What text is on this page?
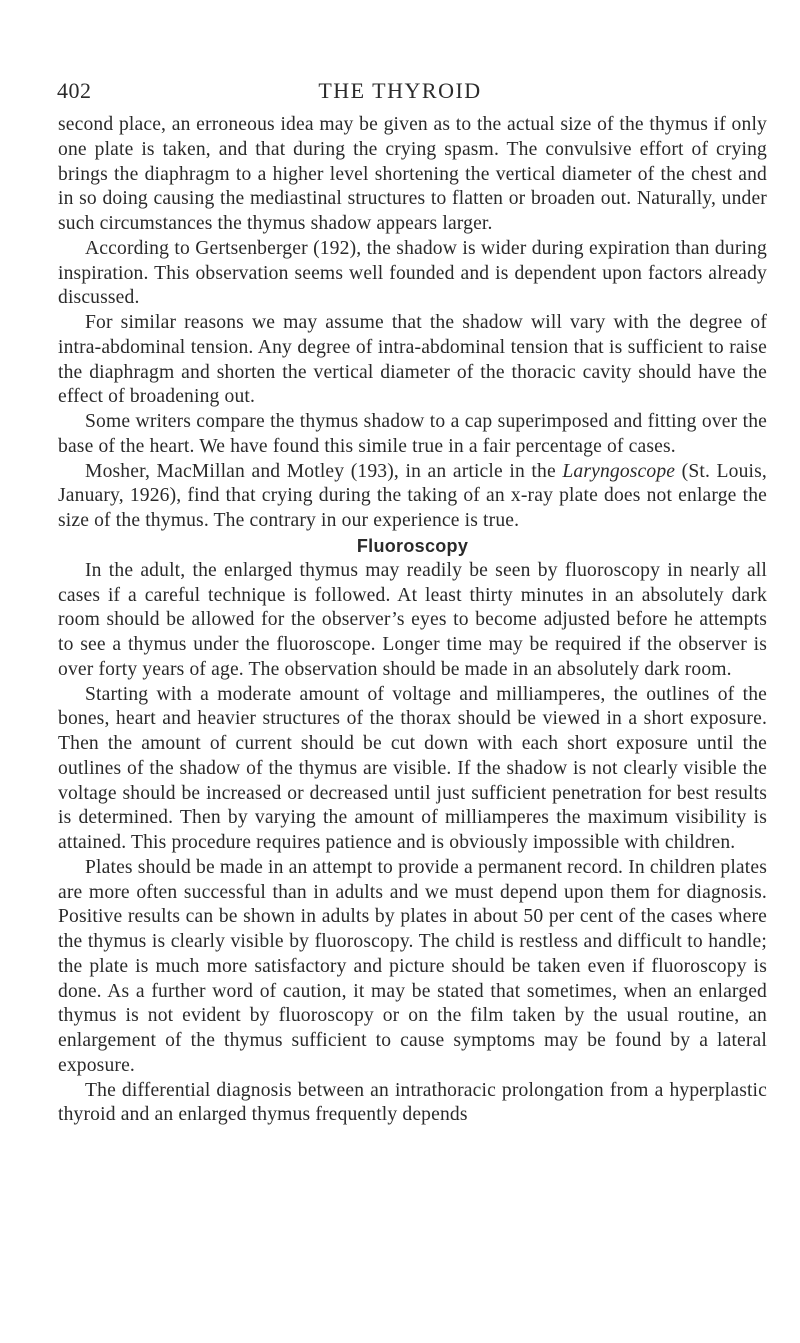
402	THE THYROID

second place, an erroneous idea may be given as to the actual size of the thymus if only one plate is taken, and that during the crying spasm. The convulsive effort of crying brings the diaphragm to a higher level shortening the vertical diameter of the chest and in so doing causing the mediastinal structures to flatten or broaden out. Naturally, under such circumstances the thymus shadow appears larger.

According to Gertsenberger (192), the shadow is wider during expiration than during inspiration. This observation seems well founded and is dependent upon factors already discussed.

For similar reasons we may assume that the shadow will vary with the degree of intra-abdominal tension. Any degree of intra-abdominal tension that is sufficient to raise the diaphragm and shorten the vertical diameter of the thoracic cavity should have the effect of broadening out.

Some writers compare the thymus shadow to a cap superimposed and fitting over the base of the heart. We have found this simile true in a fair percentage of cases.

Mosher, MacMillan and Motley (193), in an article in the Laryngoscope (St. Louis, January, 1926), find that crying during the taking of an x-ray plate does not enlarge the size of the thymus. The contrary in our experience is true.

Fluoroscopy

In the adult, the enlarged thymus may readily be seen by fluoroscopy in nearly all cases if a careful technique is followed. At least thirty minutes in an absolutely dark room should be allowed for the observer’s eyes to become adjusted before he attempts to see a thymus under the fluoroscope. Longer time may be required if the observer is over forty years of age. The observation should be made in an absolutely dark room.

Starting with a moderate amount of voltage and milliamperes, the outlines of the bones, heart and heavier structures of the thorax should be viewed in a short exposure. Then the amount of current should be cut down with each short exposure until the outlines of the shadow of the thymus are visible. If the shadow is not clearly visible the voltage should be increased or decreased until just sufficient penetration for best results is determined. Then by varying the amount of milliamperes the maximum visibility is attained. This procedure requires patience and is obviously impossible with children.

Plates should be made in an attempt to provide a permanent record. In children plates are more often successful than in adults and we must depend upon them for diagnosis. Positive results can be shown in adults by plates in about 50 per cent of the cases where the thymus is clearly visible by fluoroscopy. The child is restless and difficult to handle; the plate is much more satisfactory and picture should be taken even if fluoroscopy is done. As a further word of caution, it may be stated that sometimes, when an enlarged thymus is not evident by fluoroscopy or on the film taken by the usual routine, an enlargement of the thymus sufficient to cause symptoms may be found by a lateral exposure.

The differential diagnosis between an intrathoracic prolongation from a hyperplastic thyroid and an enlarged thymus frequently depends
